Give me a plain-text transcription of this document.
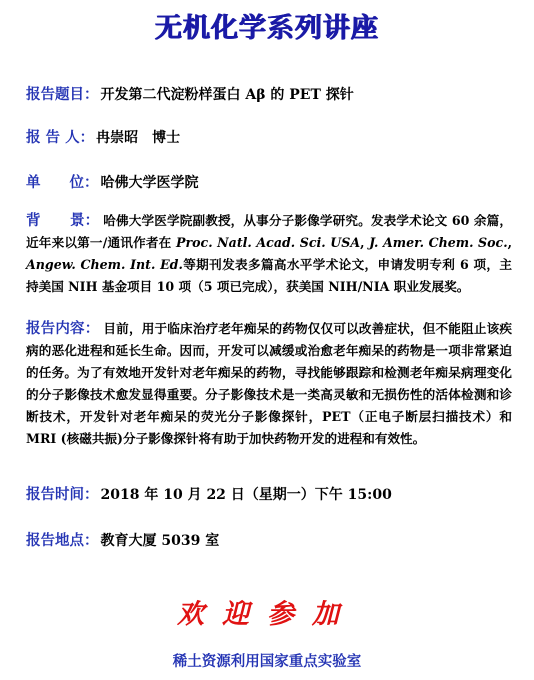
无机化学系列讲座
报告题目： 开发第二代淀粉样蛋白 Aβ 的 PET 探针
报 告 人： 冉崇昭　博士
单　　位： 哈佛大学医学院
背　　景： 哈佛大学医学院副教授，从事分子影像学研究。发表学术论文 60 余篇，近年来以第一/通讯作者在 Proc. Natl. Acad. Sci. USA, J. Amer. Chem. Soc., Angew. Chem. Int. Ed.等期刊发表多篇高水平学术论文，申请发明专利 6 项，主持美国 NIH 基金项目 10 项（5 项已完成），获美国 NIH/NIA 职业发展奖。
报告内容： 目前，用于临床治疗老年痴呆的药物仅仅可以改善症状，但不能阻止该疾病的恶化进程和延长生命。因而，开发可以减缓或治愈老年痴呆的药物是一项非常紧迫的任务。为了有效地开发针对老年痴呆的药物，寻找能够跟踪和检测老年痴呆病理变化的分子影像技术愈发显得重要。分子影像技术是一类高灵敏和无损伤性的活体检测和诊断技术，开发针对老年痴呆的荧光分子影像探针，PET（正电子断层扫描技术）和 MRI (核磁共振)分子影像探针将有助于加快药物开发的进程和有效性。
报告时间： 2018 年 10 月 22 日（星期一）下午 15:00
报告地点： 教育大厦 5039 室
欢迎参加
稀土资源利用国家重点实验室
